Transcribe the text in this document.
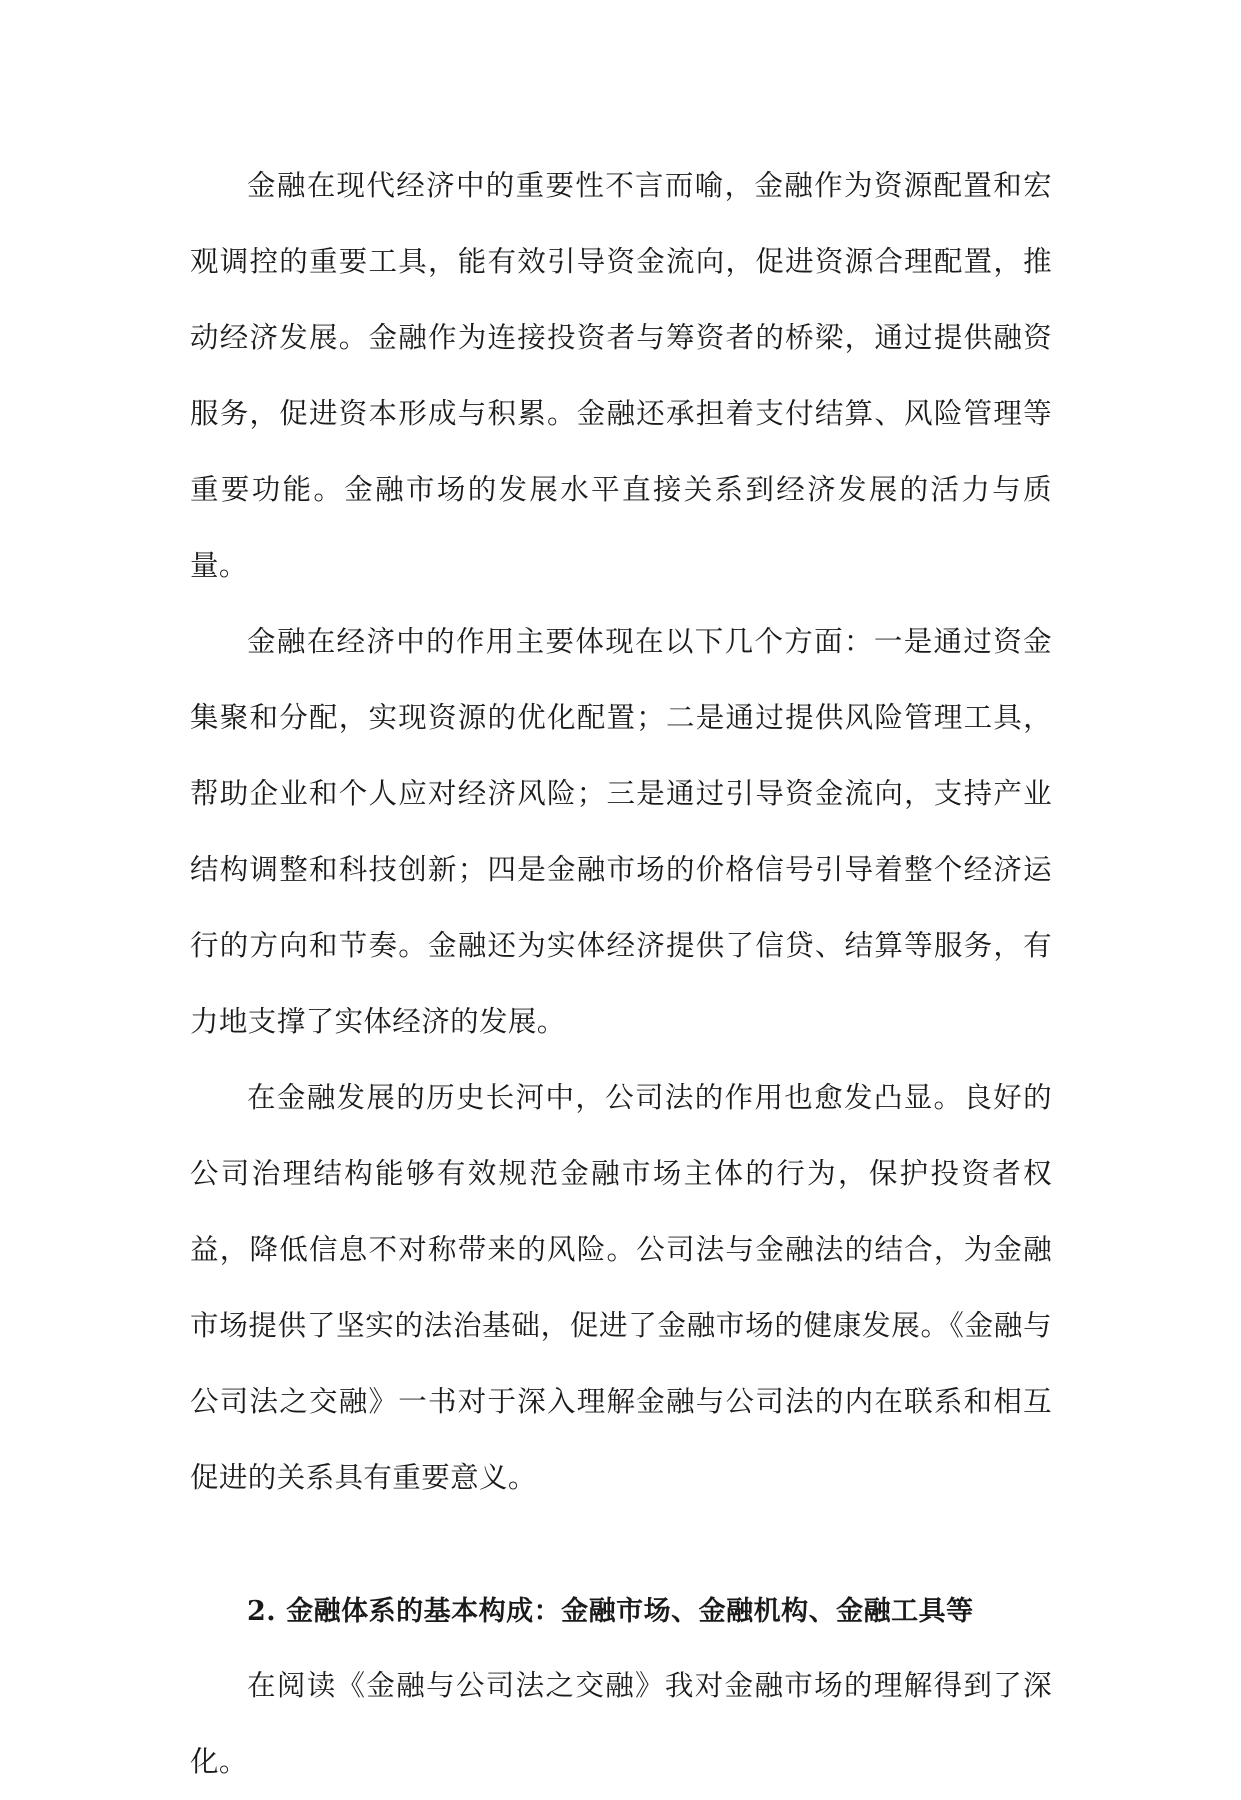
金融在现代经济中的重要性不言而喻，金融作为资源配置和宏观调控的重要工具，能有效引导资金流向，促进资源合理配置，推动经济发展。金融作为连接投资者与筹资者的桥梁，通过提供融资服务，促进资本形成与积累。金融还承担着支付结算、风险管理等重要功能。金融市场的发展水平直接关系到经济发展的活力与质量。

金融在经济中的作用主要体现在以下几个方面：一是通过资金集聚和分配，实现资源的优化配置；二是通过提供风险管理工具，帮助企业和个人应对经济风险；三是通过引导资金流向，支持产业结构调整和科技创新；四是金融市场的价格信号引导着整个经济运行的方向和节奏。金融还为实体经济提供了信贷、结算等服务，有力地支撑了实体经济的发展。

在金融发展的历史长河中，公司法的作用也愈发凸显。良好的公司治理结构能够有效规范金融市场主体的行为，保护投资者权益，降低信息不对称带来的风险。公司法与金融法的结合，为金融市场提供了坚实的法治基础，促进了金融市场的健康发展。《金融与公司法之交融》一书对于深入理解金融与公司法的内在联系和相互促进的关系具有重要意义。

2. 金融体系的基本构成：金融市场、金融机构、金融工具等

在阅读《金融与公司法之交融》我对金融市场的理解得到了深化。
